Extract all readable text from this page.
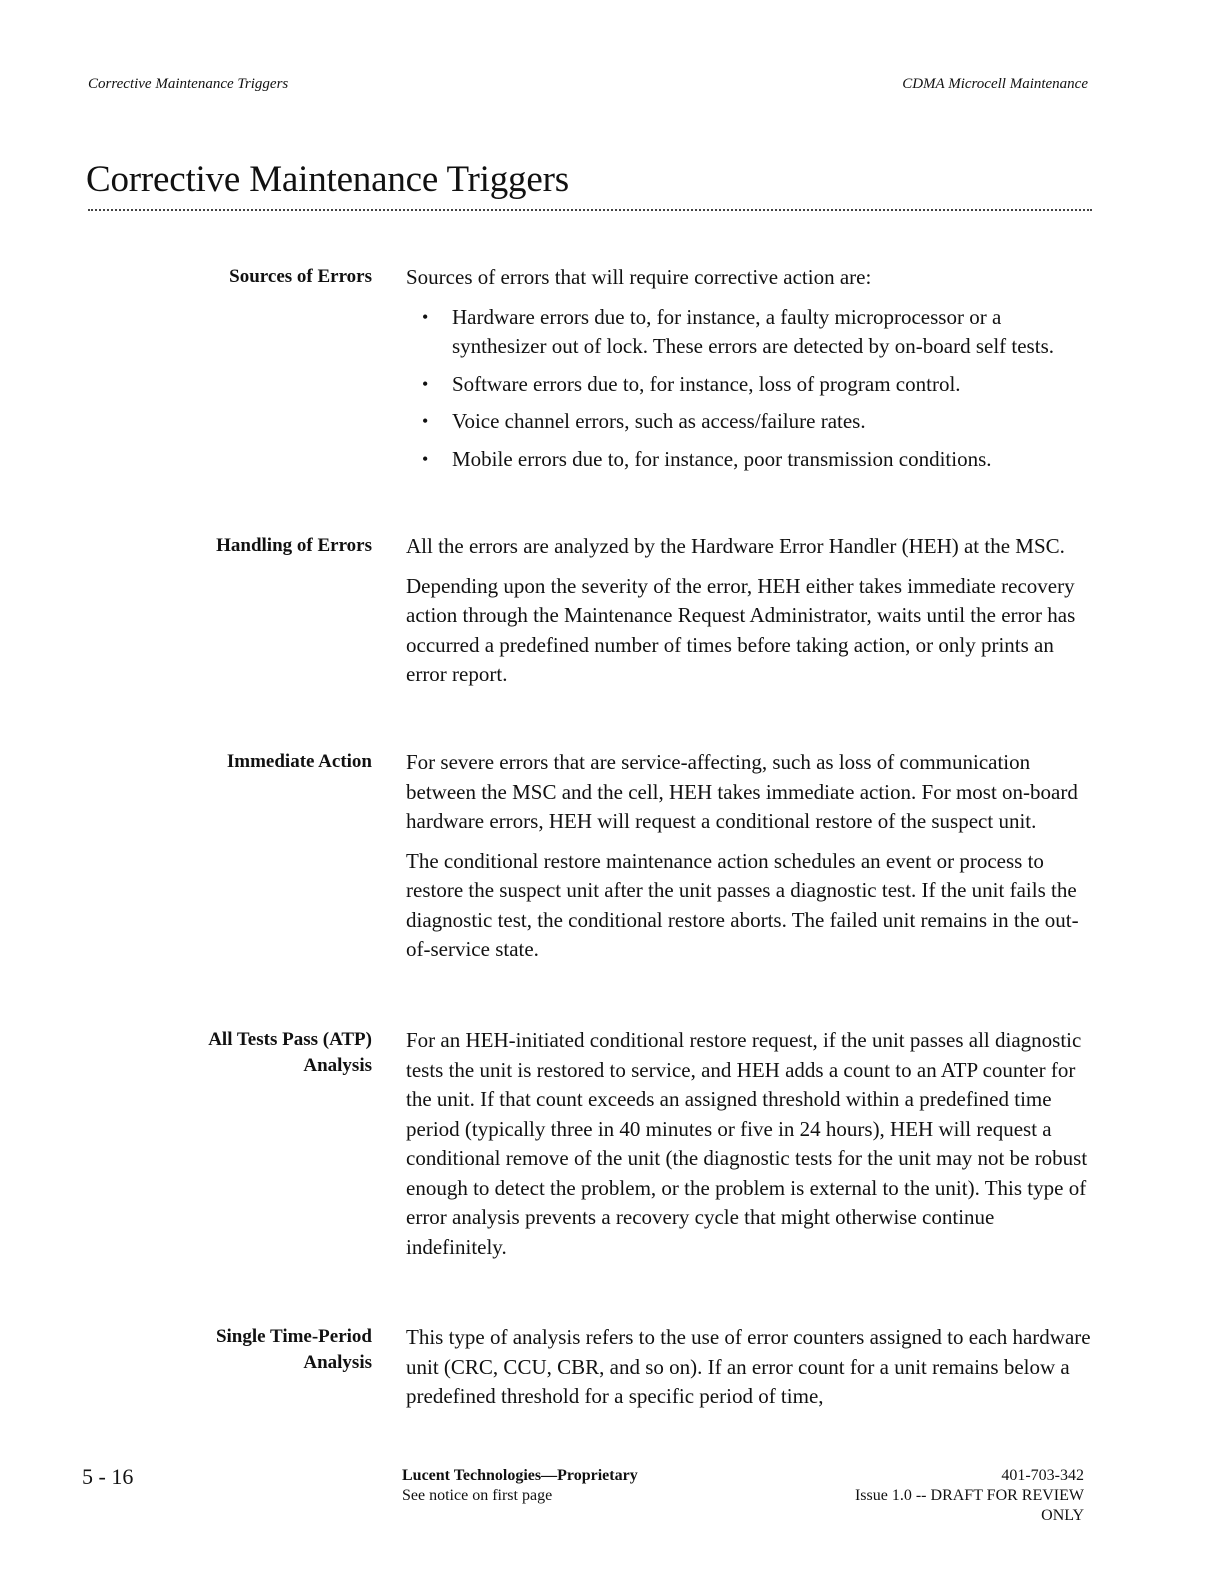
Corrective Maintenance Triggers	CDMA Microcell Maintenance
Corrective Maintenance Triggers
Sources of Errors Sources of errors that will require corrective action are:

• Hardware errors due to, for instance, a faulty microprocessor or a synthesizer out of lock. These errors are detected by on-board self tests.
• Software errors due to, for instance, loss of program control.
• Voice channel errors, such as access/failure rates.
• Mobile errors due to, for instance, poor transmission conditions.
Handling of Errors All the errors are analyzed by the Hardware Error Handler (HEH) at the MSC.

Depending upon the severity of the error, HEH either takes immediate recovery action through the Maintenance Request Administrator, waits until the error has occurred a predefined number of times before taking action, or only prints an error report.

Immediate Action For severe errors that are service-affecting, such as loss of communication between the MSC and the cell, HEH takes immediate action. For most on-board hardware errors, HEH will request a conditional restore of the suspect unit.

The conditional restore maintenance action schedules an event or process to restore the suspect unit after the unit passes a diagnostic test. If the unit fails the diagnostic test, the conditional restore aborts. The failed unit remains in the out-of-service state.

All Tests Pass (ATP)
Analysis

For an HEH-initiated conditional restore request, if the unit passes all diagnostic tests the unit is restored to service, and HEH adds a count to an ATP counter for the unit. If that count exceeds an assigned threshold within a predefined time period (typically three in 40 minutes or five in 24 hours), HEH will request a conditional remove of the unit (the diagnostic tests for the unit may not be robust enough to detect the problem, or the problem is external to the unit). This type of error analysis prevents a recovery cycle that might otherwise continue indefinitely.

Single Time-Period
Analysis

This type of analysis refers to the use of error counters assigned to each hardware unit (CRC, CCU, CBR, and so on). If an error count for a unit remains below a predefined threshold for a specific period of time,

5 - 16	Lucent Technologies—Proprietary
See notice on first page
401-703-342
Issue 1.0 -- DRAFT FOR REVIEW
ONLY
